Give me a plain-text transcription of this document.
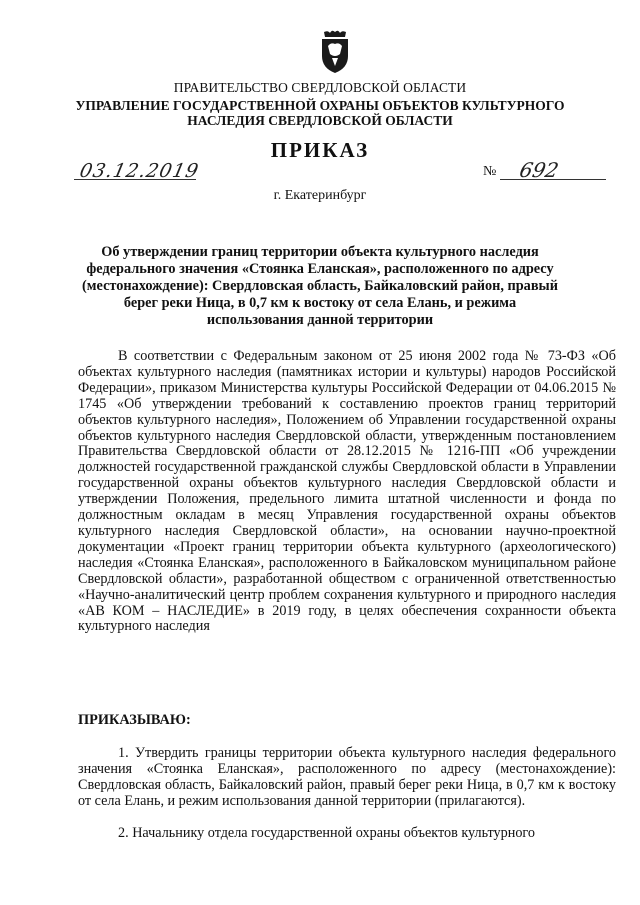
ПРАВИТЕЛЬСТВО СВЕРДЛОВСКОЙ ОБЛАСТИ
УПРАВЛЕНИЕ ГОСУДАРСТВЕННОЙ ОХРАНЫ ОБЪЕКТОВ КУЛЬТУРНОГО НАСЛЕДИЯ СВЕРДЛОВСКОЙ ОБЛАСТИ
ПРИКАЗ
03.12.2019	№ 692
г. Екатеринбург
Об утверждении границ территории объекта культурного наследия федерального значения «Стоянка Еланская», расположенного по адресу (местонахождение): Свердловская область, Байкаловский район, правый берег реки Ница, в 0,7 км к востоку от села Елань, и режима использования данной территории

В соответствии с Федеральным законом от 25 июня 2002 года № 73-ФЗ «Об объектах культурного наследия (памятниках истории и культуры) народов Российской Федерации», приказом Министерства культуры Российской Федерации от 04.06.2015 № 1745 «Об утверждении требований к составлению проектов границ территорий объектов культурного наследия», Положением об Управлении государственной охраны объектов культурного наследия Свердловской области, утвержденным постановлением Правительства Свердловской области от 28.12.2015 № 1216-ПП «Об учреждении должностей государственной гражданской службы Свердловской области в Управлении государственной охраны объектов культурного наследия Свердловской области и утверждении Положения, предельного лимита штатной численности и фонда по должностным окладам в месяц Управления государственной охраны объектов культурного наследия Свердловской области», на основании научно-проектной документации «Проект границ территории объекта культурного (археологического) наследия «Стоянка Еланская», расположенного в Байкаловском муниципальном районе Свердловской области», разработанной обществом с ограниченной ответственностью «Научно-аналитический центр проблем сохранения культурного и природного наследия «АВ КОМ – НАСЛЕДИЕ» в 2019 году, в целях обеспечения сохранности объекта культурного наследия

ПРИКАЗЫВАЮ:

1. Утвердить границы территории объекта культурного наследия федерального значения «Стоянка Еланская», расположенного по адресу (местонахождение): Свердловская область, Байкаловский район, правый берег реки Ница, в 0,7 км к востоку от села Елань, и режим использования данной территории (прилагаются).

2. Начальнику отдела государственной охраны объектов культурного
